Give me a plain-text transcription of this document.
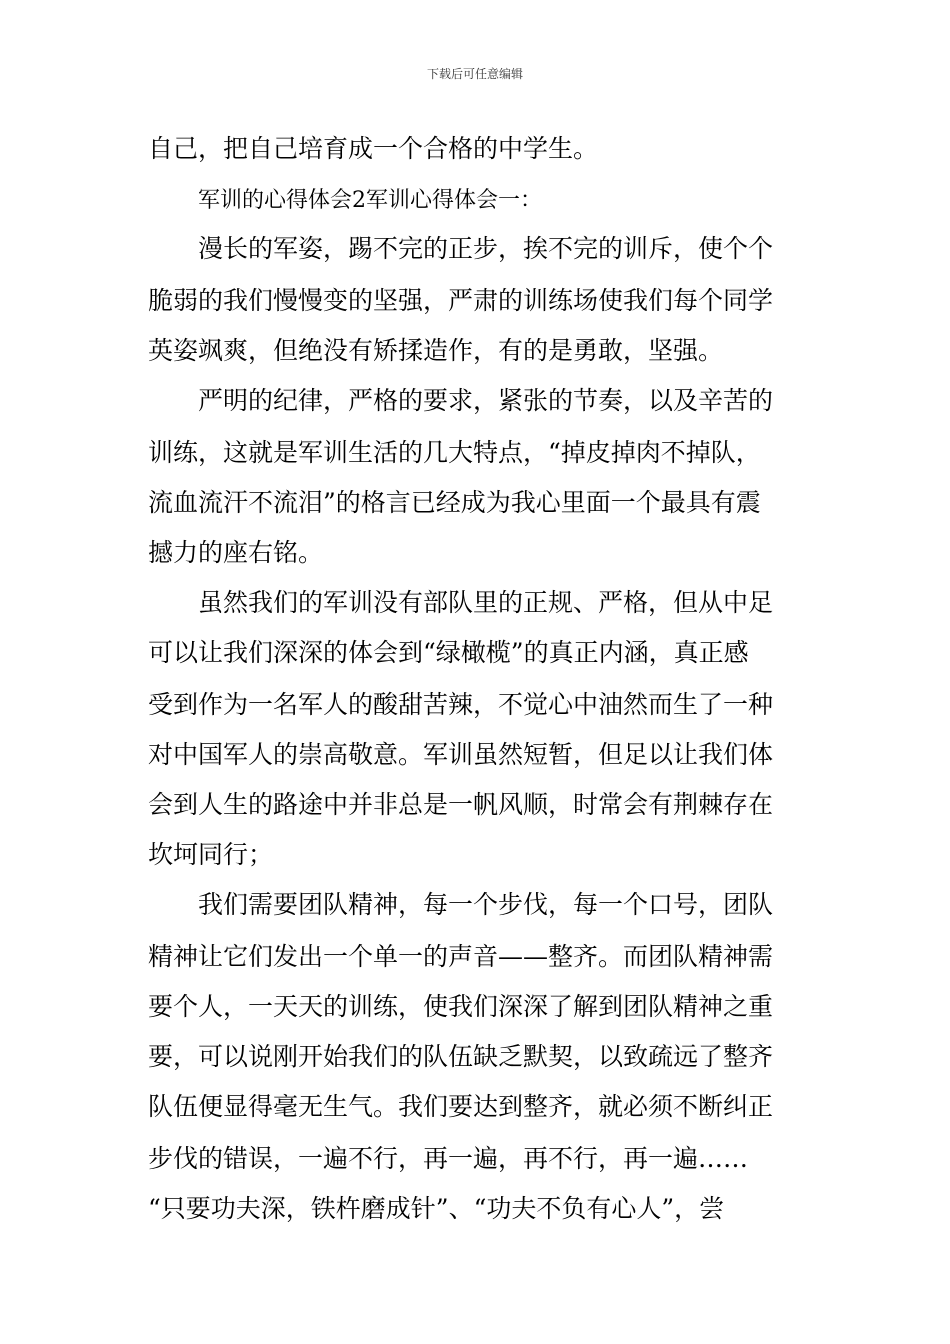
下载后可任意编辑
自己，把自己培育成一个合格的中学生。
军训的心得体会2军训心得体会一：
漫长的军姿，踢不完的正步，挨不完的训斥，使个个
脆弱的我们慢慢变的坚强，严肃的训练场使我们每个同学
英姿飒爽，但绝没有矫揉造作，有的是勇敢，坚强。
严明的纪律，严格的要求，紧张的节奏，以及辛苦的
训练，这就是军训生活的几大特点，“掉皮掉肉不掉队，
流血流汗不流泪”的格言已经成为我心里面一个最具有震
撼力的座右铭。
虽然我们的军训没有部队里的正规、严格，但从中足
可以让我们深深的体会到“绿橄榄”的真正内涵，真正感
受到作为一名军人的酸甜苦辣，不觉心中油然而生了一种
对中国军人的崇高敬意。军训虽然短暂，但足以让我们体
会到人生的路途中并非总是一帆风顺，时常会有荆棘存在
坎坷同行；
我们需要团队精神，每一个步伐，每一个口号，团队
精神让它们发出一个单一的声音——整齐。而团队精神需
要个人，一天天的训练，使我们深深了解到团队精神之重
要，可以说刚开始我们的队伍缺乏默契，以致疏远了整齐
队伍便显得毫无生气。我们要达到整齐，就必须不断纠正
步伐的错误，一遍不行，再一遍，再不行，再一遍……
“只要功夫深，铁杵磨成针”、“功夫不负有心人”，尝
